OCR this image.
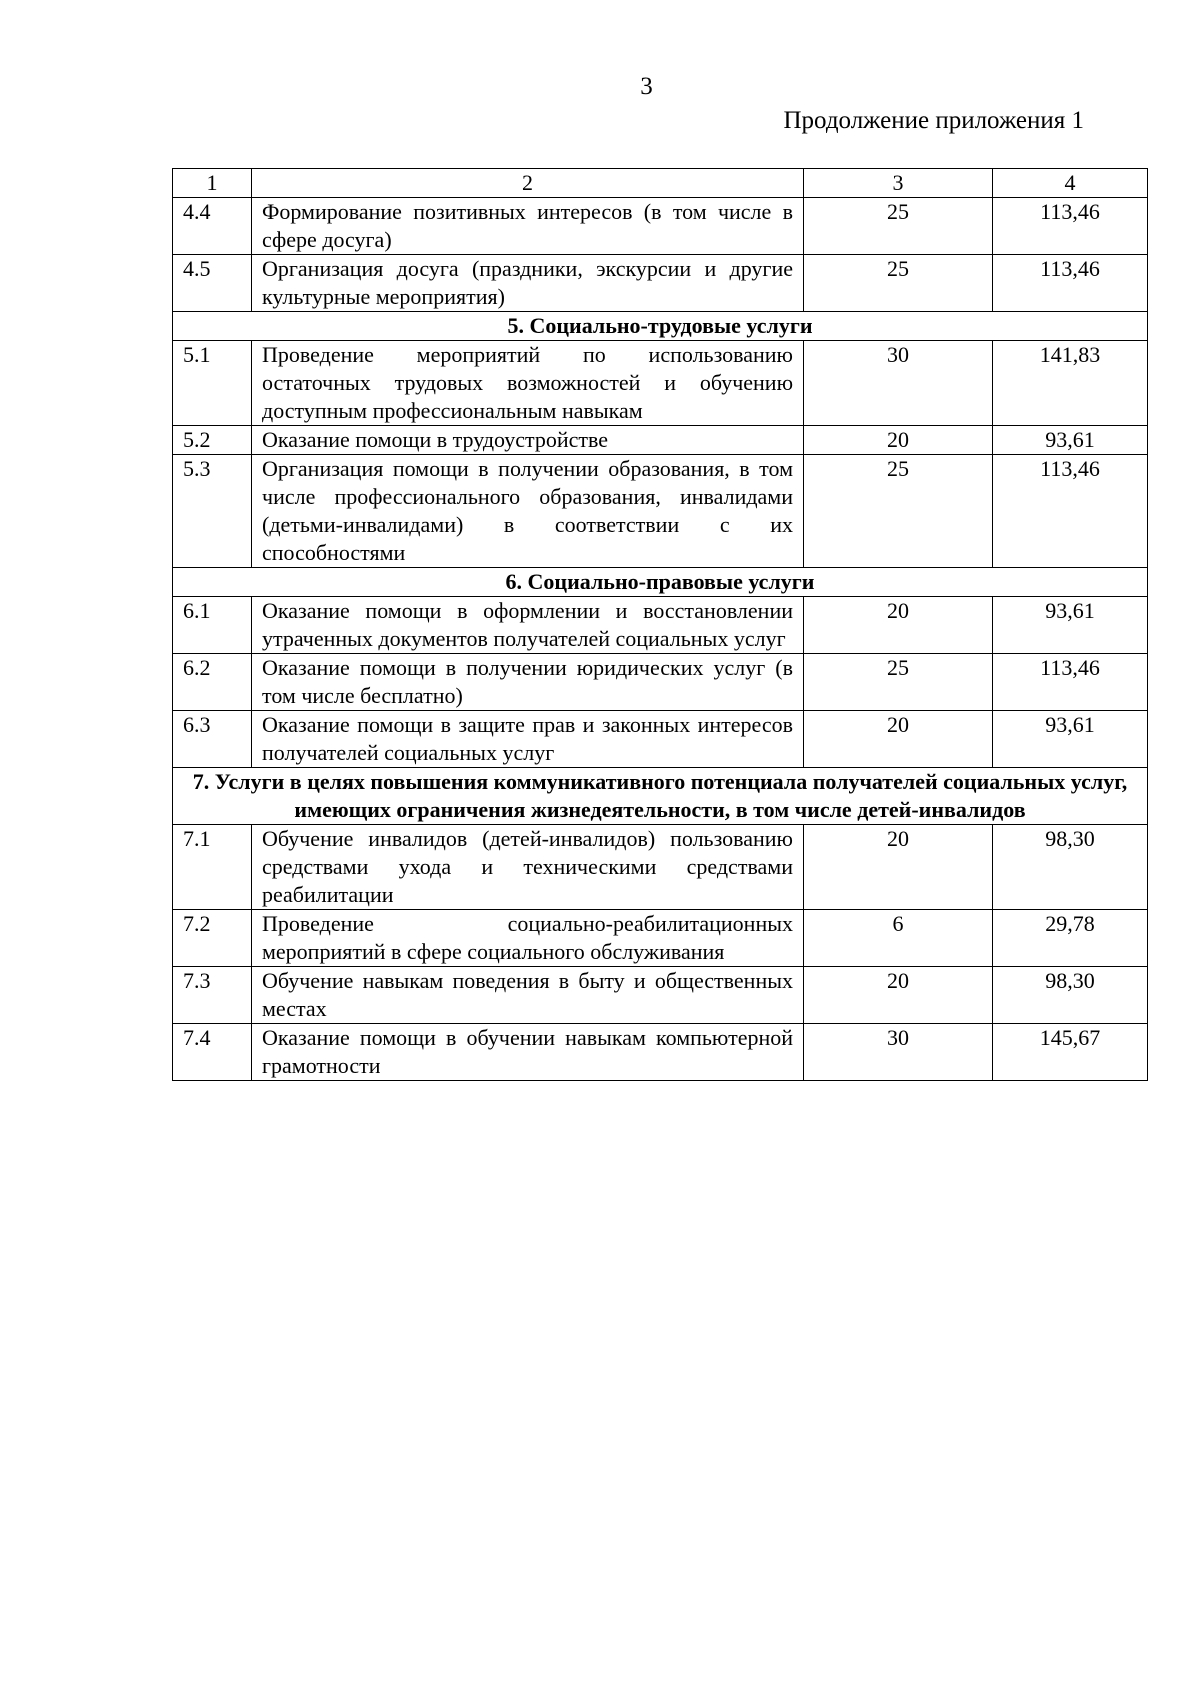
3
Продолжение приложения 1
1	2	3	4
4.4	Формирование позитивных интересов (в том числе в сфере досуга)	25	113,46
4.5	Организация досуга (праздники, экскурсии и другие культурные мероприятия)	25	113,46
5. Социально-трудовые услуги			
5.1	Проведение мероприятий по использованию остаточных трудовых возможностей и обучению доступным профессиональным навыкам	30	141,83
5.2	Оказание помощи в трудоустройстве	20	93,61
5.3	Организация помощи в получении образования, в том числе профессионального образования, инвалидами (детьми-инвалидами) в соответствии с их способностями	25	113,46
6. Социально-правовые услуги			
6.1	Оказание помощи в оформлении и восстановлении утраченных документов получателей социальных услуг	20	93,61
6.2	Оказание помощи в получении юридических услуг (в том числе бесплатно)	25	113,46
6.3	Оказание помощи в защите прав и законных интересов получателей социальных услуг	20	93,61
7. Услуги в целях повышения коммуникативного потенциала получателей социальных услуг, имеющих ограничения жизнедеятельности, в том числе детей-инвалидов			
7.1	Обучение инвалидов (детей-инвалидов) пользованию средствами ухода и техническими средствами реабилитации	20	98,30
7.2	Проведение социально-реабилитационных мероприятий в сфере социального обслуживания	6	29,78
7.3	Обучение навыкам поведения в быту и общественных местах	20	98,30
7.4	Оказание помощи в обучении навыкам компьютерной грамотности	30	145,67
